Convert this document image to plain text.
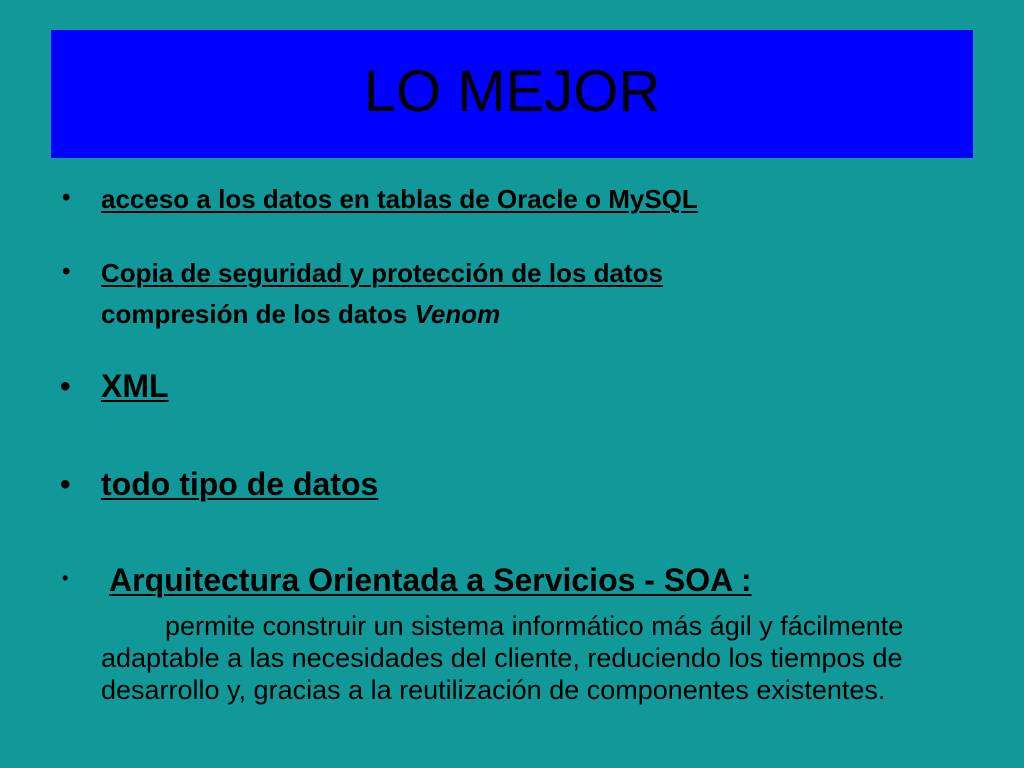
LO MEJOR
• acceso a los datos en tablas de Oracle o MySQL
• Copia de seguridad y protección de los datos
compresión de los datos Venom
• XML
• todo tipo de datos
• Arquitectura Orientada a Servicios - SOA :
permite construir un sistema informático más ágil y fácilmente adaptable a las necesidades del cliente, reduciendo los tiempos de desarrollo y, gracias a la reutilización de componentes existentes.
